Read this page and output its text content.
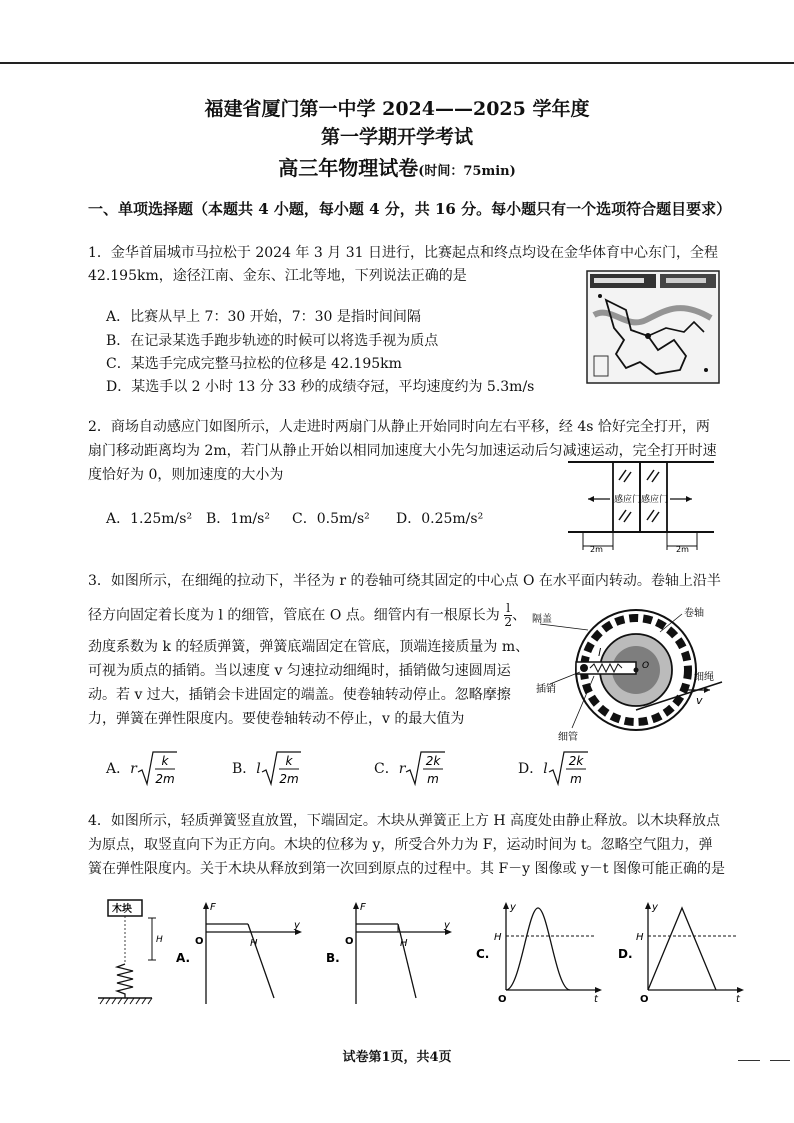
福建省厦门第一中学 2024——2025 学年度
第一学期开学考试
高三年物理试卷(时间：75min)
一、单项选择题（本题共 4 小题，每小题 4 分，共 16 分。每小题只有一个选项符合题目要求）
1．金华首届城市马拉松于 2024 年 3 月 31 日进行，比赛起点和终点均设在金华体育中心东门，全程
42.195km，途径江南、金东、江北等地，下列说法正确的是
A．比赛从早上 7：30 开始，7：30 是指时间间隔
B．在记录某选手跑步轨迹的时候可以将选手视为质点
C．某选手完成完整马拉松的位移是 42.195km
D．某选手以 2 小时 13 分 33 秒的成绩夺冠，平均速度约为 5.3m/s
2．商场自动感应门如图所示，人走进时两扇门从静止开始同时向左右平移，经 4s 恰好完全打开，两
扇门移动距离均为 2m，若门从静止开始以相同加速度大小先匀加速运动后匀减速运动，完全打开时速
度恰好为 0，则加速度的大小为
A．1.25m/s² B．1m/s² C．0.5m/s² D．0.25m/s²
感应门 感应门
2m	2m
3．如图所示，在细绳的拉动下，半径为 r 的卷轴可绕其固定的中心点 O 在水平面内转动。卷轴上沿半
径方向固定着长度为 l 的细管，管底在 O 点。细管内有一根原长为 $\frac{l}{2}$ 、
劲度系数为 k 的轻质弹簧，弹簧底端固定在管底，顶端连接质量为 m、
可视为质点的插销。当以速度 v 匀速拉动细绳时，插销做匀速圆周运
动。若 v 过大，插销会卡进固定的端盖。使卷轴转动停止。忽略摩擦
力，弹簧在弹性限度内。要使卷轴转动不停止，v 的最大值为
隔盖
卷轴
细绳
插销
细管
l
O
v
A．r k
2m
B．l k
2m
C．r 2k
m
D．l 2k
m
4．如图所示，轻质弹簧竖直放置，下端固定。木块从弹簧正上方 H 高度处由静止释放。以木块释放点
为原点，取竖直向下为正方向。木块的位移为 y，所受合外力为 F，运动时间为 t。忽略空气阻力，弹
簧在弹性限度内。关于木块从释放到第一次回到原点的过程中。其 F－y 图像或 y－t 图像可能正确的是
木块
H
F
y
O	H
A.
F
y
O	H
B.
y
t
O
H
C.
y
t
O
H
D.
试卷第1页，共4页
